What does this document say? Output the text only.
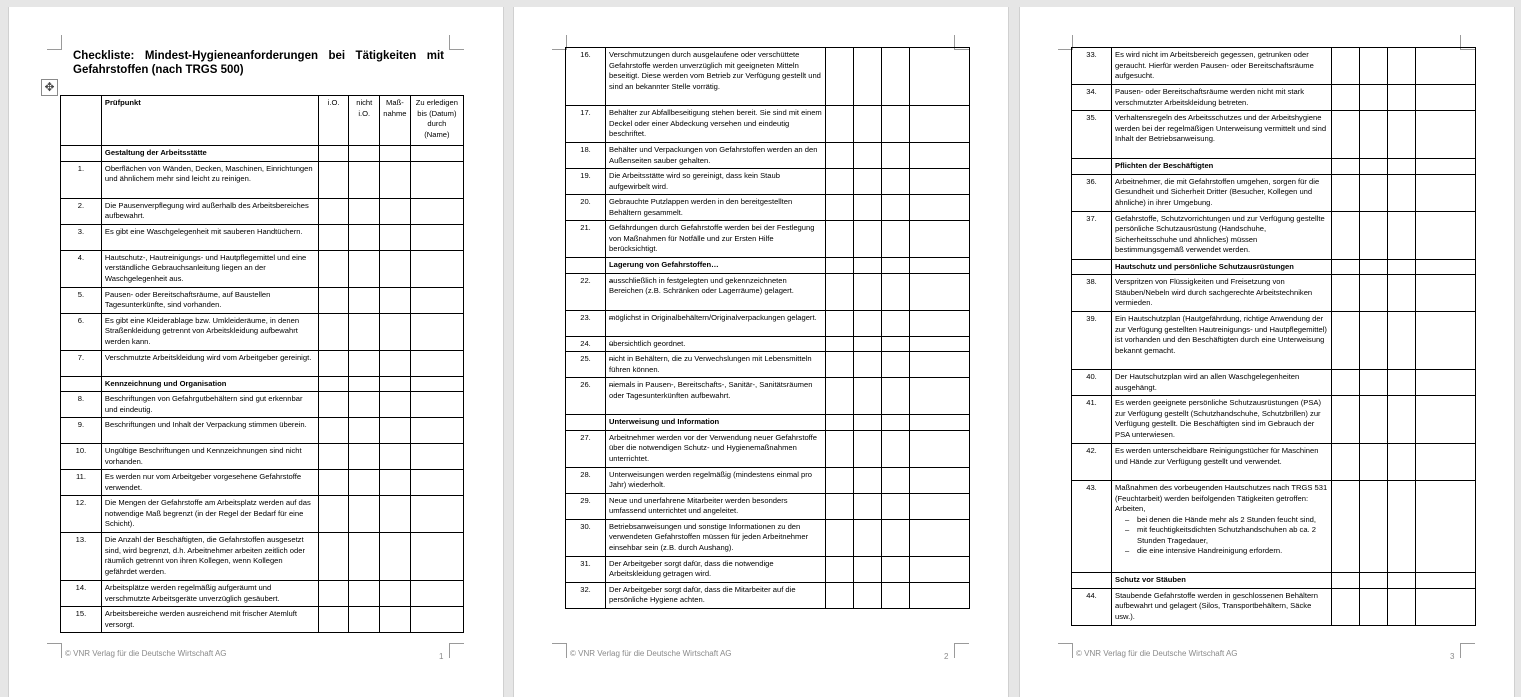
Checkliste: Mindest-Hygieneanforderungen bei Tätigkeiten mit Gefahrstoffen (nach TRGS 500)
✥
	Prüfpunkt	i.O.	nicht i.O.	Maß-nahme	Zu erledigen bis (Datum) durch (Name)
	Gestaltung der Arbeitsstätte				
1.	Oberflächen von Wänden, Decken, Maschinen, Einrichtungen und ähnlichem mehr sind leicht zu reinigen.				
2.	Die Pausenverpflegung wird außerhalb des Arbeitsbereiches aufbewahrt.				
3.	Es gibt eine Waschgelegenheit mit sauberen Handtüchern.				
4.	Hautschutz-, Hautreinigungs- und Hautpflegemittel und eine verständliche Gebrauchsanleitung liegen an der Waschgelegenheit aus.				
5.	Pausen- oder Bereitschaftsräume, auf Baustellen Tagesunterkünfte, sind vorhanden.				
6.	Es gibt eine Kleiderablage bzw. Umkleideräume, in denen Straßenkleidung getrennt von Arbeitskleidung aufbewahrt werden kann.				
7.	Verschmutzte Arbeitskleidung wird vom Arbeitgeber gereinigt.				
	Kennzeichnung und Organisation				
8.	Beschriftungen von Gefahrgutbehältern sind gut erkennbar und eindeutig.				
9.	Beschriftungen und Inhalt der Verpackung stimmen überein.				
10.	Ungültige Beschriftungen und Kennzeichnungen sind nicht vorhanden.				
11.	Es werden nur vom Arbeitgeber vorgesehene Gefahrstoffe verwendet.				
12.	Die Mengen der Gefahrstoffe am Arbeitsplatz werden auf das notwendige Maß begrenzt (in der Regel der Bedarf für eine Schicht).				
13.	Die Anzahl der Beschäftigten, die Gefahrstoffen ausgesetzt sind, wird begrenzt, d.h. Arbeitnehmer arbeiten zeitlich oder räumlich getrennt von ihren Kollegen, wenn Kollegen gefährdet werden.				
14.	Arbeitsplätze werden regelmäßig aufgeräumt und verschmutzte Arbeitsgeräte unverzüglich gesäubert.				
15.	Arbeitsbereiche werden ausreichend mit frischer Atemluft versorgt.				
© VNR Verlag für die Deutsche Wirtschaft AG	1
16.	Verschmutzungen durch ausgelaufene oder verschüttete Gefahrstoffe werden unverzüglich mit geeigneten Mitteln beseitigt. Diese werden vom Betrieb zur Verfügung gestellt und sind an bekannter Stelle vorrätig.				
17.	Behälter zur Abfallbeseitigung stehen bereit. Sie sind mit einem Deckel oder einer Abdeckung versehen und eindeutig beschriftet.				
18.	Behälter und Verpackungen von Gefahrstoffen werden an den Außenseiten sauber gehalten.				
19.	Die Arbeitsstätte wird so gereinigt, dass kein Staub aufgewirbelt wird.				
20.	Gebrauchte Putzlappen werden in den bereitgestellten Behältern gesammelt.				
21.	Gefährdungen durch Gefahrstoffe werden bei der Festlegung von Maßnahmen für Notfälle und zur Ersten Hilfe berücksichtigt.				
	Lagerung von Gefahrstoffen…				
22.	– ausschließlich in festgelegten und gekennzeichneten Bereichen (z.B. Schränken oder Lagerräume) gelagert.				
23.	– möglichst in Originalbehältern/Originalverpackungen gelagert.				
24.	– übersichtlich geordnet.				
25.	– nicht in Behältern, die zu Verwechslungen mit Lebensmitteln führen können.				
26.	– niemals in Pausen-, Bereitschafts-, Sanitär-, Sanitätsräumen oder Tagesunterkünften aufbewahrt.				
	Unterweisung und Information				
27.	Arbeitnehmer werden vor der Verwendung neuer Gefahrstoffe über die notwendigen Schutz- und Hygienemaßnahmen unterrichtet.				
28.	Unterweisungen werden regelmäßig (mindestens einmal pro Jahr) wiederholt.				
29.	Neue und unerfahrene Mitarbeiter werden besonders umfassend unterrichtet und angeleitet.				
30.	Betriebsanweisungen und sonstige Informationen zu den verwendeten Gefahrstoffen müssen für jeden Arbeitnehmer einsehbar sein (z.B. durch Aushang).				
31.	Der Arbeitgeber sorgt dafür, dass die notwendige Arbeitskleidung getragen wird.				
32.	Der Arbeitgeber sorgt dafür, dass die Mitarbeiter auf die persönliche Hygiene achten.				
© VNR Verlag für die Deutsche Wirtschaft AG	2
33.	Es wird nicht im Arbeitsbereich gegessen, getrunken oder geraucht. Hierfür werden Pausen- oder Bereitschaftsräume aufgesucht.				
34.	Pausen- oder Bereitschaftsräume werden nicht mit stark verschmutzter Arbeitskleidung betreten.				
35.	Verhaltensregeln des Arbeitsschutzes und der Arbeitshygiene werden bei der regelmäßigen Unterweisung vermittelt und sind Inhalt der Betriebsanweisung.				
	Pflichten der Beschäftigten				
36.	Arbeitnehmer, die mit Gefahrstoffen umgehen, sorgen für die Gesundheit und Sicherheit Dritter (Besucher, Kollegen und ähnliche) in ihrer Umgebung.				
37.	Gefahrstoffe, Schutzvorrichtungen und zur Verfügung gestellte persönliche Schutzausrüstung (Handschuhe, Sicherheitsschuhe und ähnliches) müssen bestimmungsgemäß verwendet werden.				
	Hautschutz und persönliche Schutzausrüstungen				
38.	Verspritzen von Flüssigkeiten und Freisetzung von Stäuben/Nebeln wird durch sachgerechte Arbeitstechniken vermieden.				
39.	Ein Hautschutzplan (Hautgefährdung, richtige Anwendung der zur Verfügung gestellten Hautreinigungs- und Hautpflegemittel) ist vorhanden und den Beschäftigten durch eine Unterweisung bekannt gemacht.				
40.	Der Hautschutzplan wird an allen Waschgelegenheiten ausgehängt.				
41.	Es werden geeignete persönliche Schutzausrüstungen (PSA) zur Verfügung gestellt (Schutzhandschuhe, Schutzbrillen) zur Verfügung gestellt. Die Beschäftigten sind im Gebrauch der PSA unterwiesen.				
42.	Es werden unterscheidbare Reinigungstücher für Maschinen und Hände zur Verfügung gestellt und verwendet.				
43.	Maßnahmen des vorbeugenden Hautschutzes nach TRGS 531 (Feuchtarbeit) werden beifolgenden Tätigkeiten getroffen: Arbeiten,
– bei denen die Hände mehr als 2 Stunden feucht sind,
– mit feuchtigkeitsdichten Schutzhandschuhen ab ca. 2 Stunden Tragedauer,
– die eine intensive Handreinigung erfordern.

	Schutz vor Stäuben				
44.	Staubende Gefahrstoffe werden in geschlossenen Behältern aufbewahrt und gelagert (Silos, Transportbehältern, Säcke usw.).				
© VNR Verlag für die Deutsche Wirtschaft AG	3
